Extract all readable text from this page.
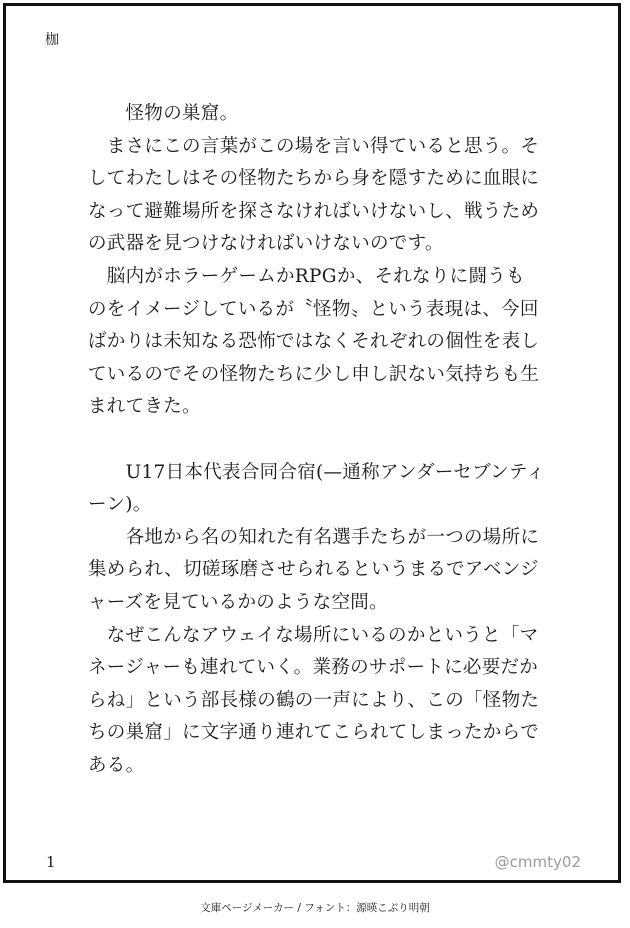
枷
　　怪物の巣窟。
　まさにこの言葉がこの場を言い得ていると思う。そ
してわたしはその怪物たちから身を隠すために血眼に
なって避難場所を探さなければいけないし、戦うため
の武器を見つけなければいけないのです。
　脳内がホラーゲームかRPGか、それなりに闘うも
のをイメージしているが〝怪物〟という表現は、今回
ばかりは未知なる恐怖ではなくそれぞれの個性を表し
ているのでその怪物たちに少し申し訳ない気持ちも生
まれてきた。
　　U17日本代表合同合宿(—通称アンダーセブンティ
ーン)。
　　各地から名の知れた有名選手たちが一つの場所に
集められ、切磋琢磨させられるというまるでアベンジ
ャーズを見ているかのような空間。
　なぜこんなアウェイな場所にいるのかというと「マ
ネージャーも連れていく。業務のサポートに必要だか
らね」という部長様の鶴の一声により、この「怪物た
ちの巣窟」に文字通り連れてこられてしまったからで
ある。
1	@cmmty02
文庫ページメーカー / フォント：源暎こぶり明朝
